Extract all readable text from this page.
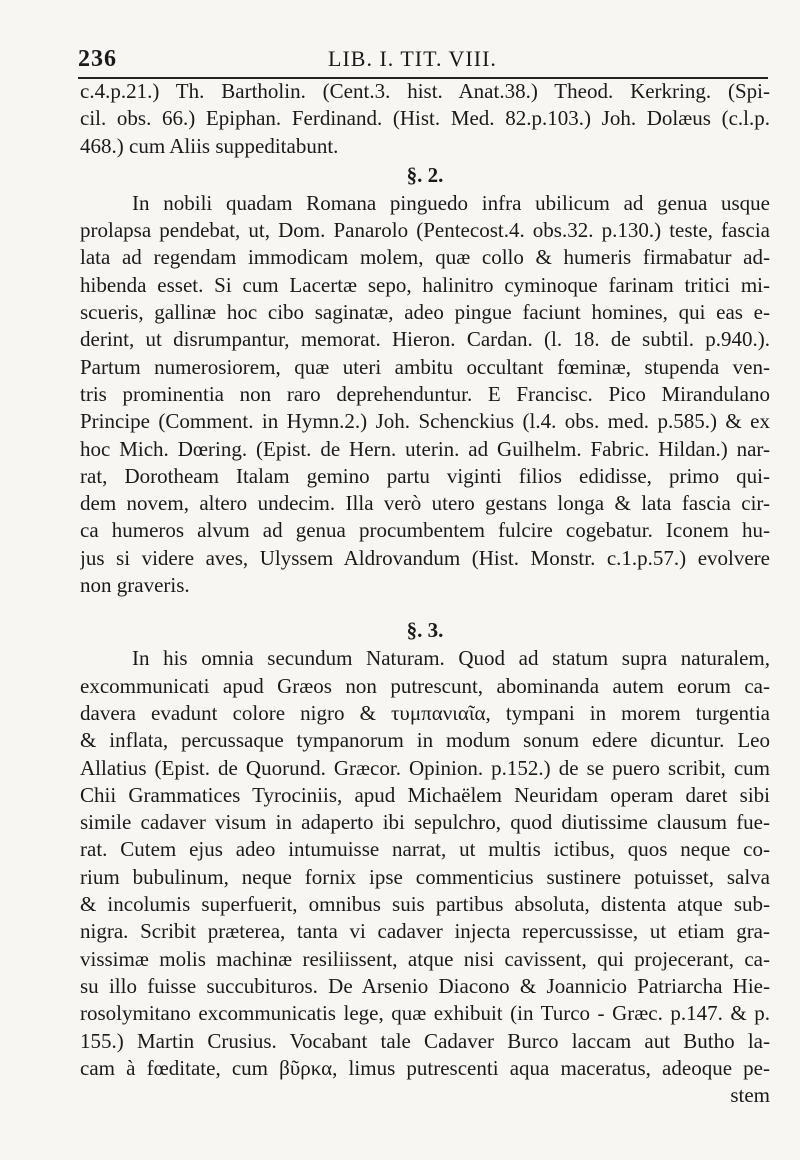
236	LIB. I. TIT. VIII.
c.4.p.21.) Th. Bartholin. (Cent.3. hist. Anat.38.) Theod. Kerkring. (Spi-
cil. obs. 66.) Epiphan. Ferdinand. (Hist. Med. 82.p.103.) Joh. Dolæus (c.l.p.
468.) cum Aliis suppeditabunt.
§. 2.
In nobili quadam Romana pinguedo infra ubilicum ad genua usque
prolapsa pendebat, ut, Dom. Panarolo (Pentecost.4. obs.32. p.130.) teste, fascia
lata ad regendam immodicam molem, quæ collo & humeris firmabatur ad-
hibenda esset. Si cum Lacertæ sepo, halinitro cyminoque farinam tritici mi-
scueris, gallinæ hoc cibo saginatæ, adeo pingue faciunt homines, qui eas e-
derint, ut disrumpantur, memorat. Hieron. Cardan. (l. 18. de subtil. p.940.).
Partum numerosiorem, quæ uteri ambitu occultant fœminæ, stupenda ven-
tris prominentia non raro deprehenduntur. E Francisc. Pico Mirandulano
Principe (Comment. in Hymn.2.) Joh. Schenckius (l.4. obs. med. p.585.) & ex
hoc Mich. Dœring. (Epist. de Hern. uterin. ad Guilhelm. Fabric. Hildan.) nar-
rat, Dorotheam Italam gemino partu viginti filios edidisse, primo qui-
dem novem, altero undecim. Illa verò utero gestans longa & lata fascia cir-
ca humeros alvum ad genua procumbentem fulcire cogebatur. Iconem hu-
jus si videre aves, Ulyssem Aldrovandum (Hist. Monstr. c.1.p.57.) evolvere
non graveris.
§. 3.
In his omnia secundum Naturam. Quod ad statum supra naturalem,
excommunicati apud Græos non putrescunt, abominanda autem eorum ca-
davera evadunt colore nigro & τυμπανιαῖα, tympani in morem turgentia
& inflata, percussaque tympanorum in modum sonum edere dicuntur. Leo
Allatius (Epist. de Quorund. Græcor. Opinion. p.152.) de se puero scribit, cum
Chii Grammatices Tyrociniis, apud Michaëlem Neuridam operam daret sibi
simile cadaver visum in adaperto ibi sepulchro, quod diutissime clausum fue-
rat. Cutem ejus adeo intumuisse narrat, ut multis ictibus, quos neque co-
rium bubulinum, neque fornix ipse commenticius sustinere potuisset, salva
& incolumis superfuerit, omnibus suis partibus absoluta, distenta atque sub-
nigra. Scribit præterea, tanta vi cadaver injecta repercussisse, ut etiam gra-
vissimæ molis machinæ resiliissent, atque nisi cavissent, qui projecerant, ca-
su illo fuisse succubituros. De Arsenio Diacono & Joannicio Patriarcha Hie-
rosolymitano excommunicatis lege, quæ exhibuit (in Turco - Græc. p.147. & p.
155.) Martin Crusius. Vocabant tale Cadaver Burco laccam aut Butho la-
cam à fœditate, cum βῦρκα, limus putrescenti aqua maceratus, adeoque pe-
stem
